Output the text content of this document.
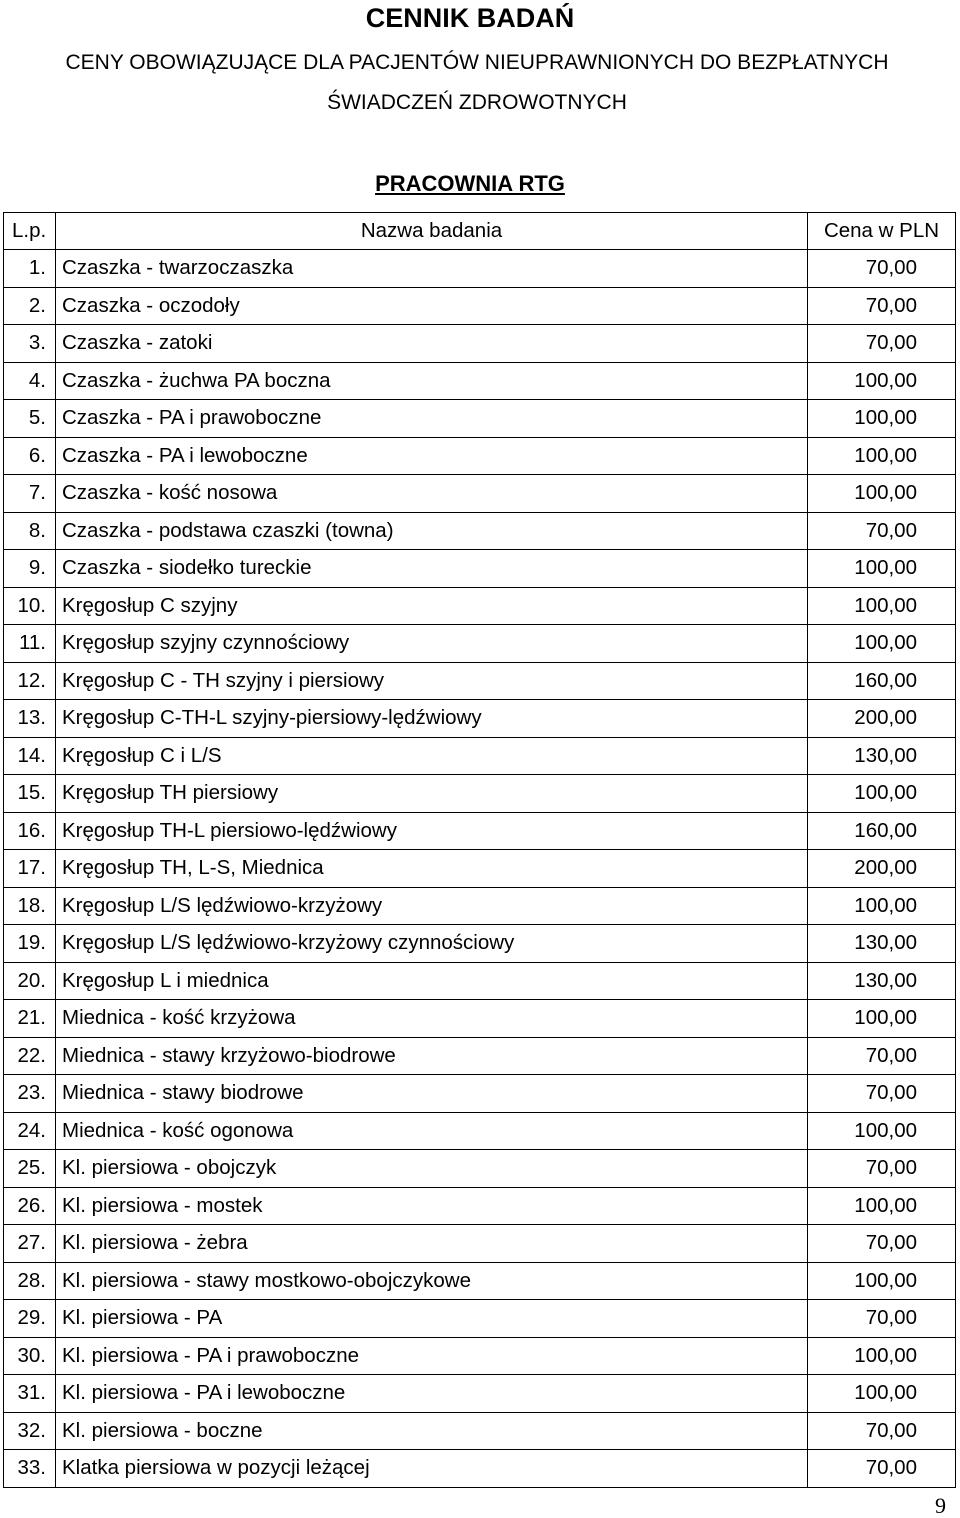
CENNIK BADAŃ
CENY OBOWIĄZUJĄCE DLA PACJENTÓW NIEUPRAWNIONYCH DO BEZPŁATNYCH
ŚWIADCZEŃ ZDROWOTNYCH
PRACOWNIA RTG
L.p.	Nazwa badania	Cena w PLN
1.	Czaszka - twarzoczaszka	70,00
2.	Czaszka - oczodoły	70,00
3.	Czaszka - zatoki	70,00
4.	Czaszka - żuchwa PA boczna	100,00
5.	Czaszka - PA i prawoboczne	100,00
6.	Czaszka - PA i lewoboczne	100,00
7.	Czaszka - kość nosowa	100,00
8.	Czaszka - podstawa czaszki (towna)	70,00
9.	Czaszka - siodełko tureckie	100,00
10.	Kręgosłup C szyjny	100,00
11.	Kręgosłup szyjny czynnościowy	100,00
12.	Kręgosłup C - TH szyjny i piersiowy	160,00
13.	Kręgosłup C-TH-L szyjny-piersiowy-lędźwiowy	200,00
14.	Kręgosłup C i L/S	130,00
15.	Kręgosłup TH piersiowy	100,00
16.	Kręgosłup TH-L piersiowo-lędźwiowy	160,00
17.	Kręgosłup TH, L-S, Miednica	200,00
18.	Kręgosłup L/S lędźwiowo-krzyżowy	100,00
19.	Kręgosłup L/S lędźwiowo-krzyżowy czynnościowy	130,00
20.	Kręgosłup L i miednica	130,00
21.	Miednica - kość krzyżowa	100,00
22.	Miednica - stawy krzyżowo-biodrowe	70,00
23.	Miednica - stawy biodrowe	70,00
24.	Miednica - kość ogonowa	100,00
25.	Kl. piersiowa - obojczyk	70,00
26.	Kl. piersiowa - mostek	100,00
27.	Kl. piersiowa - żebra	70,00
28.	Kl. piersiowa - stawy mostkowo-obojczykowe	100,00
29.	Kl. piersiowa - PA	70,00
30.	Kl. piersiowa - PA i prawoboczne	100,00
31.	Kl. piersiowa - PA i lewoboczne	100,00
32.	Kl. piersiowa - boczne	70,00
33.	Klatka piersiowa w pozycji leżącej	70,00
9
